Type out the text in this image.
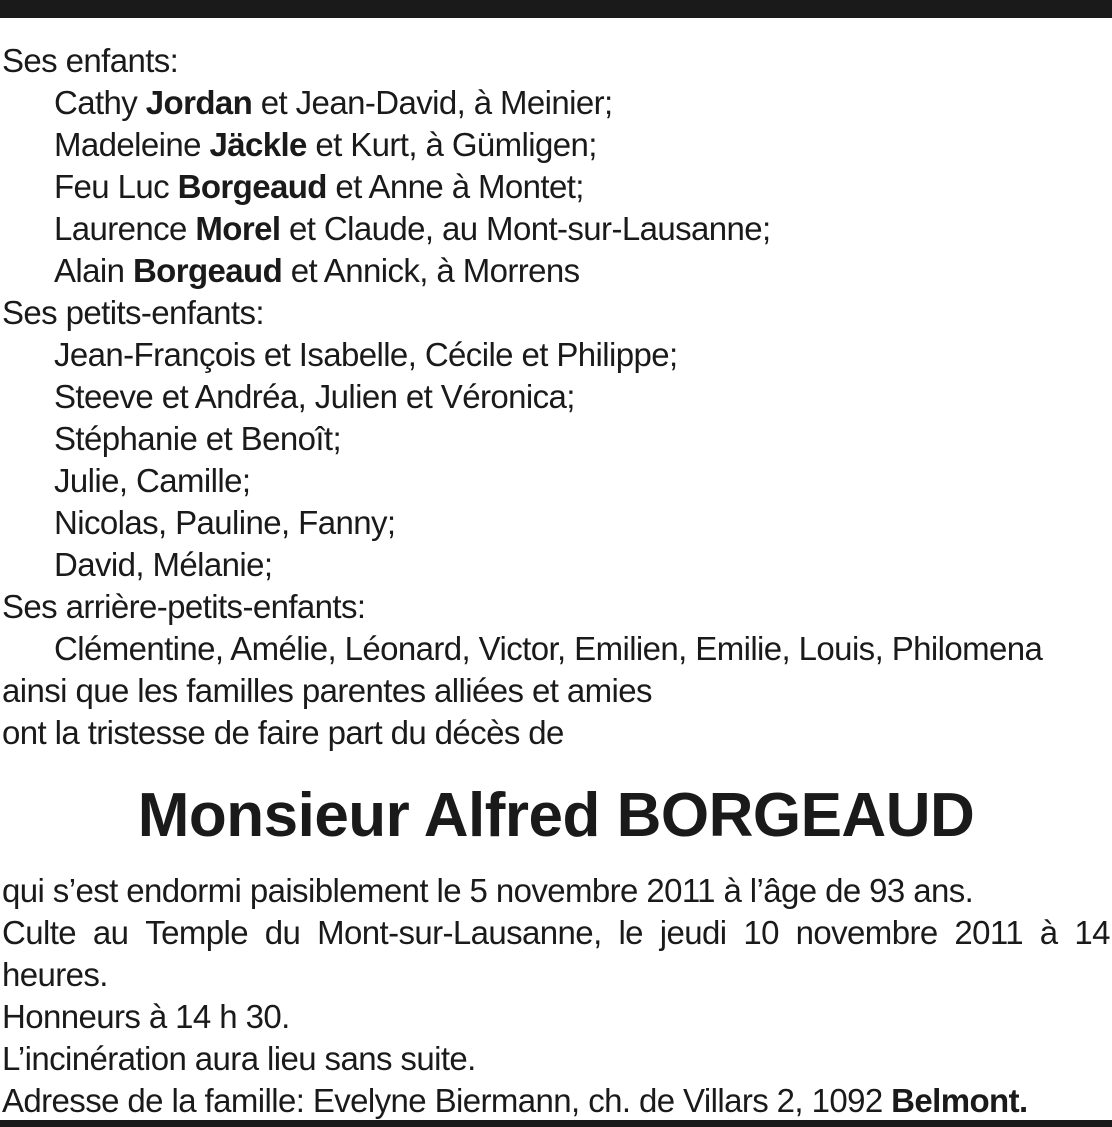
Ses enfants:
Cathy Jordan et Jean-David, à Meinier;
Madeleine Jäckle et Kurt, à Gümligen;
Feu Luc Borgeaud et Anne à Montet;
Laurence Morel et Claude, au Mont-sur-Lausanne;
Alain Borgeaud et Annick, à Morrens
Ses petits-enfants:
Jean-François et Isabelle, Cécile et Philippe;
Steeve et Andréa, Julien et Véronica;
Stéphanie et Benoît;
Julie, Camille;
Nicolas, Pauline, Fanny;
David, Mélanie;
Ses arrière-petits-enfants:
Clémentine, Amélie, Léonard, Victor, Emilien, Emilie, Louis, Philomena
ainsi que les familles parentes alliées et amies
ont la tristesse de faire part du décès de
Monsieur Alfred BORGEAUD
qui s’est endormi paisiblement le 5 novembre 2011 à l’âge de 93 ans.
Culte au Temple du Mont-sur-Lausanne, le jeudi 10 novembre 2011 à 14
heures.
Honneurs à 14 h 30.
L’incinération aura lieu sans suite.
Adresse de la famille: Evelyne Biermann, ch. de Villars 2, 1092 Belmont.
